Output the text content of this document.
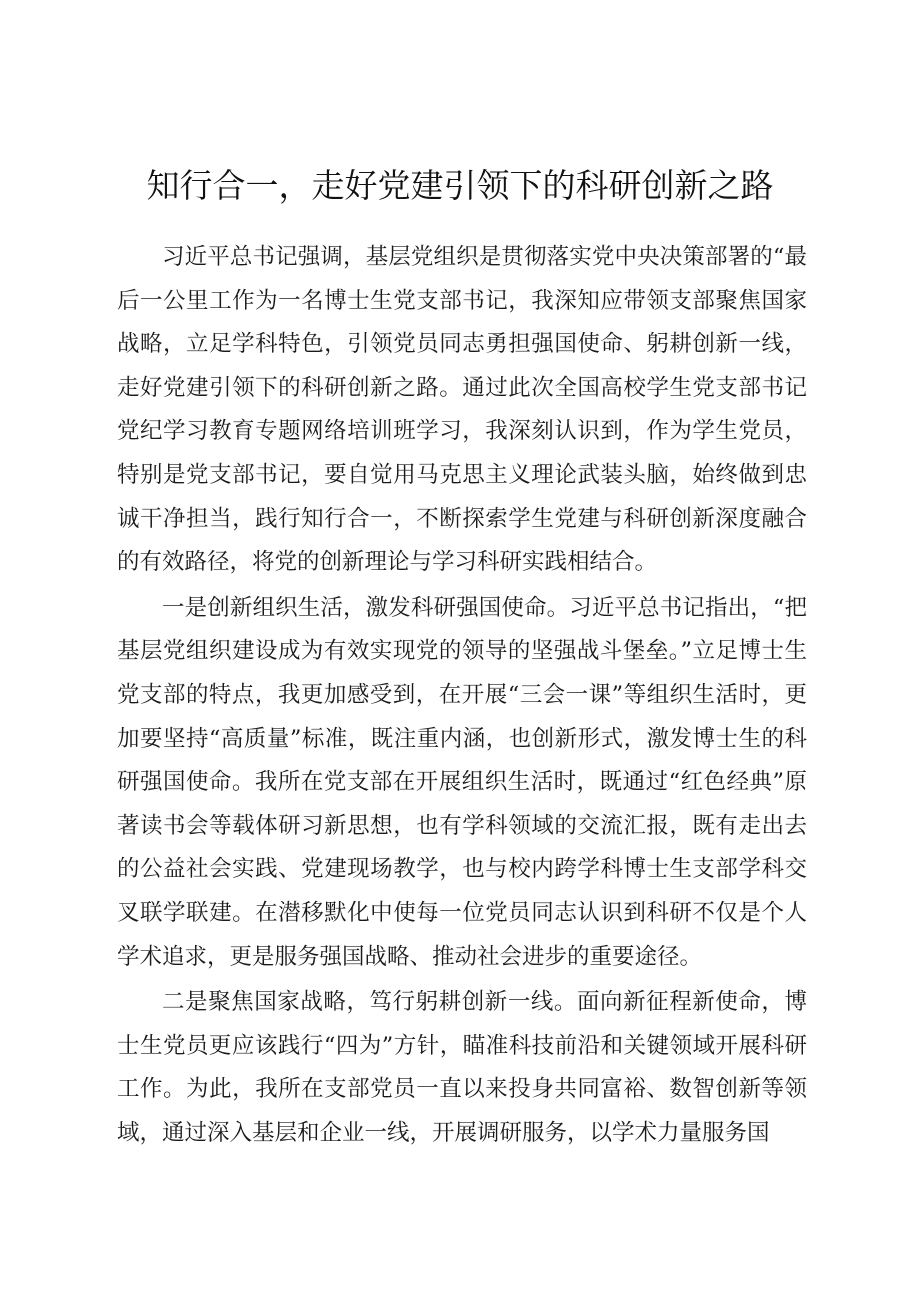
知行合一，走好党建引领下的科研创新之路

习近平总书记强调，基层党组织是贯彻落实党中央决策部署的“最后一公里工作为一名博士生党支部书记，我深知应带领支部聚焦国家战略，立足学科特色，引领党员同志勇担强国使命、躬耕创新一线，走好党建引领下的科研创新之路。通过此次全国高校学生党支部书记党纪学习教育专题网络培训班学习，我深刻认识到，作为学生党员，特别是党支部书记，要自觉用马克思主义理论武装头脑，始终做到忠诚干净担当，践行知行合一，不断探索学生党建与科研创新深度融合的有效路径，将党的创新理论与学习科研实践相结合。

一是创新组织生活，激发科研强国使命。习近平总书记指出，“把基层党组织建设成为有效实现党的领导的坚强战斗堡垒。”立足博士生党支部的特点，我更加感受到，在开展“三会一课”等组织生活时，更加要坚持“高质量”标准，既注重内涵，也创新形式，激发博士生的科研强国使命。我所在党支部在开展组织生活时，既通过“红色经典”原著读书会等载体研习新思想，也有学科领域的交流汇报，既有走出去的公益社会实践、党建现场教学，也与校内跨学科博士生支部学科交叉联学联建。在潜移默化中使每一位党员同志认识到科研不仅是个人学术追求，更是服务强国战略、推动社会进步的重要途径。

二是聚焦国家战略，笃行躬耕创新一线。面向新征程新使命，博士生党员更应该践行“四为”方针，瞄准科技前沿和关键领域开展科研工作。为此，我所在支部党员一直以来投身共同富裕、数智创新等领域，通过深入基层和企业一线，开展调研服务，以学术力量服务国
